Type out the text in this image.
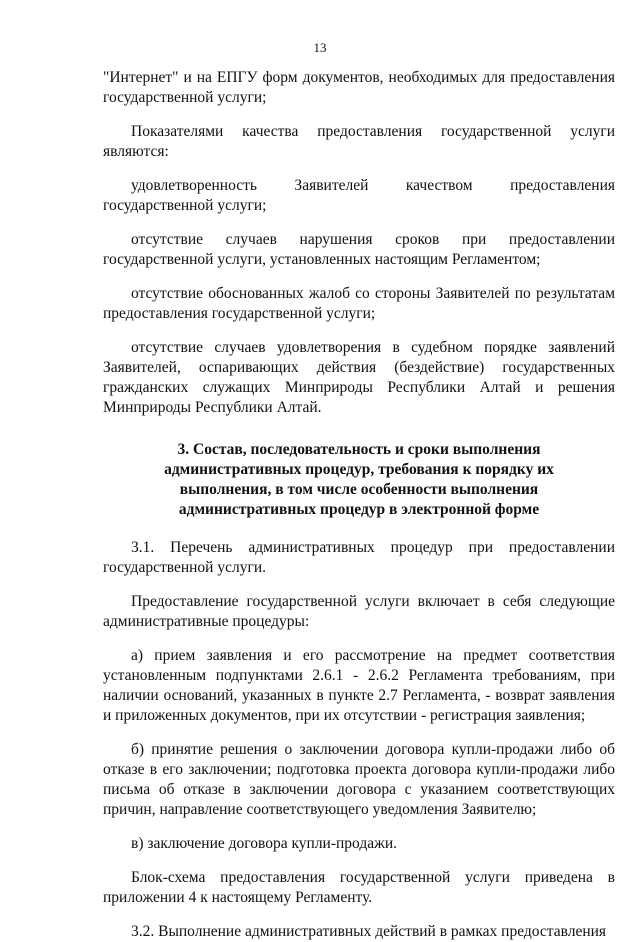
13

"Интернет" и на ЕПГУ форм документов, необходимых для предоставления государственной услуги;

Показателями качества предоставления государственной услуги являются:

удовлетворенность Заявителей качеством предоставления государственной услуги;

отсутствие случаев нарушения сроков при предоставлении государственной услуги, установленных настоящим Регламентом;

отсутствие обоснованных жалоб со стороны Заявителей по результатам предоставления государственной услуги;

отсутствие случаев удовлетворения в судебном порядке заявлений Заявителей, оспаривающих действия (бездействие) государственных гражданских служащих Минприроды Республики Алтай и решения Минприроды Республики Алтай.

3. Состав, последовательность и сроки выполнения
административных процедур, требования к порядку их
выполнения, в том числе особенности выполнения
административных процедур в электронной форме

3.1. Перечень административных процедур при предоставлении государственной услуги.

Предоставление государственной услуги включает в себя следующие административные процедуры:

а) прием заявления и его рассмотрение на предмет соответствия установленным подпунктами 2.6.1 - 2.6.2 Регламента требованиям, при наличии оснований, указанных в пункте 2.7 Регламента, - возврат заявления и приложенных документов, при их отсутствии - регистрация заявления;

б) принятие решения о заключении договора купли-продажи либо об отказе в его заключении; подготовка проекта договора купли-продажи либо письма об отказе в заключении договора с указанием соответствующих причин, направление соответствующего уведомления Заявителю;

в) заключение договора купли-продажи.

Блок-схема предоставления государственной услуги приведена в приложении 4 к настоящему Регламенту.

3.2. Выполнение административных действий в рамках предоставления
